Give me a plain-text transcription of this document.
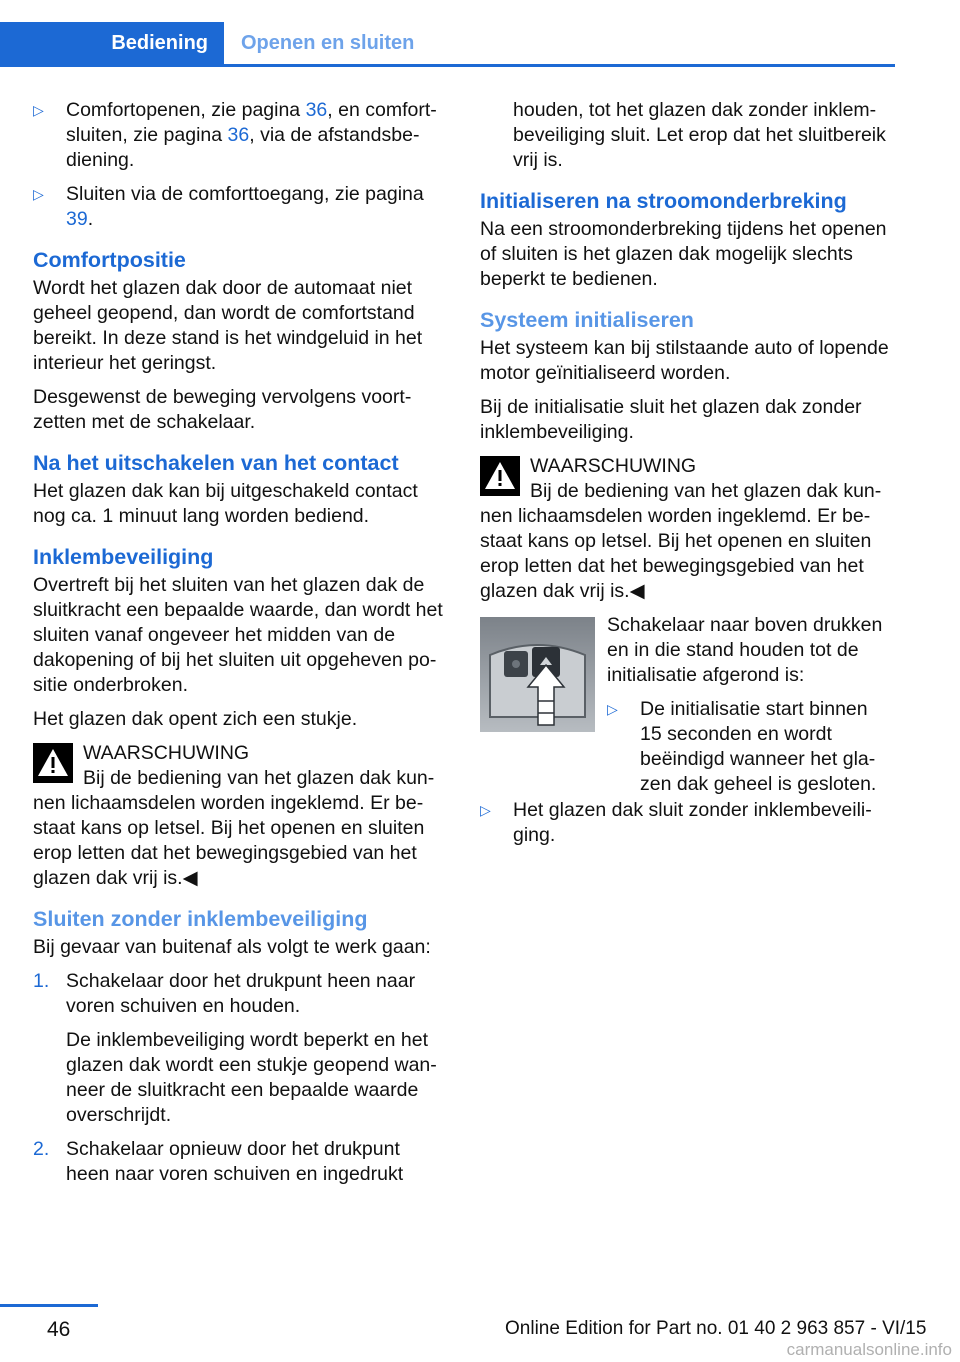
Bediening	Openen en sluiten
▷ Comfortopenen, zie pagina 36, en comfortsluiten, zie pagina 36, via de afstandsbediening.
▷ Sluiten via de comforttoegang, zie pagina 39.
Comfortpositie

Wordt het glazen dak door de automaat niet geheel geopend, dan wordt de comfortstand bereikt. In deze stand is het windgeluid in het interieur het geringst.

Desgewenst de beweging vervolgens voortzetten met de schakelaar.

Na het uitschakelen van het contact

Het glazen dak kan bij uitgeschakeld contact nog ca. 1 minuut lang worden bediend.

Inklembeveiliging

Overtreft bij het sluiten van het glazen dak de sluitkracht een bepaalde waarde, dan wordt het sluiten vanaf ongeveer het midden van de dakopening of bij het sluiten uit opgeheven positie onderbroken.

Het glazen dak opent zich een stukje.

WAARSCHUWING
Bij de bediening van het glazen dak kunnen lichaamsdelen worden ingeklemd. Er bestaat kans op letsel. Bij het openen en sluiten erop letten dat het bewegingsgebied van het glazen dak vrij is.◀
Sluiten zonder inklembeveiliging

Bij gevaar van buitenaf als volgt te werk gaan:

1. Schakelaar door het drukpunt heen naar voren schuiven en houden.

De inklembeveiliging wordt beperkt en het glazen dak wordt een stukje geopend wanneer de sluitkracht een bepaalde waarde overschrijdt.

2. Schakelaar opnieuw door het drukpunt heen naar voren schuiven en ingedrukt

houden, tot het glazen dak zonder inklembeveiliging sluit. Let erop dat het sluitbereik vrij is.

Initialiseren na stroomonderbreking

Na een stroomonderbreking tijdens het openen of sluiten is het glazen dak mogelijk slechts beperkt te bedienen.

Systeem initialiseren

Het systeem kan bij stilstaande auto of lopende motor geïnitialiseerd worden.

Bij de initialisatie sluit het glazen dak zonder inklembeveiliging.

WAARSCHUWING
Bij de bediening van het glazen dak kunnen lichaamsdelen worden ingeklemd. Er bestaat kans op letsel. Bij het openen en sluiten erop letten dat het bewegingsgebied van het glazen dak vrij is.◀

Schakelaar naar boven drukken en in die stand houden tot de initialisatie afgerond is:

▷ De initialisatie start binnen 15 seconden en wordt beëindigd wanneer het glazen dak geheel is gesloten.
▷ Het glazen dak sluit zonder inklembeveiliging.
46	Online Edition for Part no. 01 40 2 963 857 - VI/15
carmanualsonline.info
